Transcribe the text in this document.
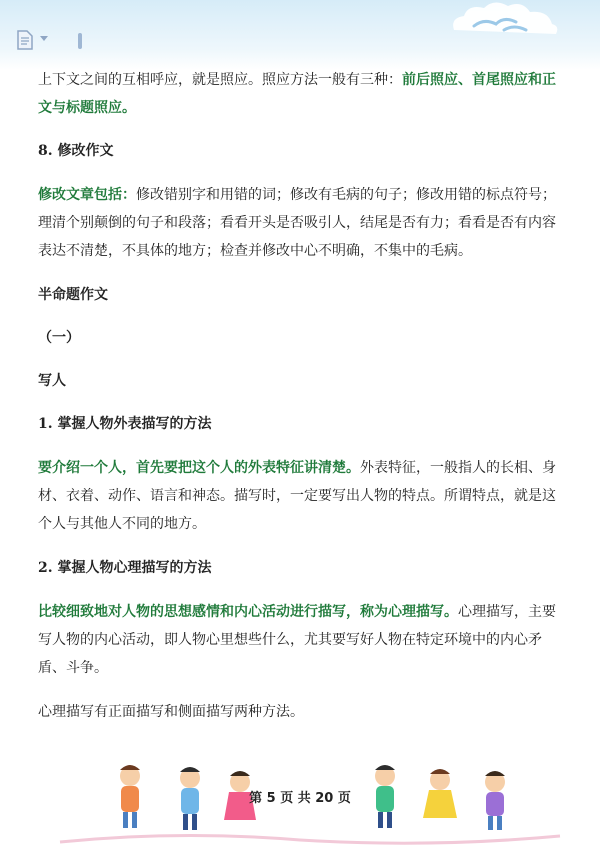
上下文之间的互相呼应，就是照应。照应方法一般有三种：前后照应、首尾照应和正文与标题照应。

8. 修改作文

修改文章包括：修改错别字和用错的词；修改有毛病的句子；修改用错的标点符号；理清个别颠倒的句子和段落；看看开头是否吸引人，结尾是否有力；看看是否有内容表达不清楚，不具体的地方；检查并修改中心不明确，不集中的毛病。

半命题作文

（一）

写人

1. 掌握人物外表描写的方法

要介绍一个人，首先要把这个人的外表特征讲清楚。外表特征，一般指人的长相、身材、衣着、动作、语言和神态。描写时，一定要写出人物的特点。所谓特点，就是这个人与其他人不同的地方。

2. 掌握人物心理描写的方法

比较细致地对人物的思想感情和内心活动进行描写，称为心理描写。心理描写，主要写人物的内心活动，即人物心里想些什么，尤其要写好人物在特定环境中的内心矛盾、斗争。

心理描写有正面描写和侧面描写两种方法。

第 5 页 共 20 页
